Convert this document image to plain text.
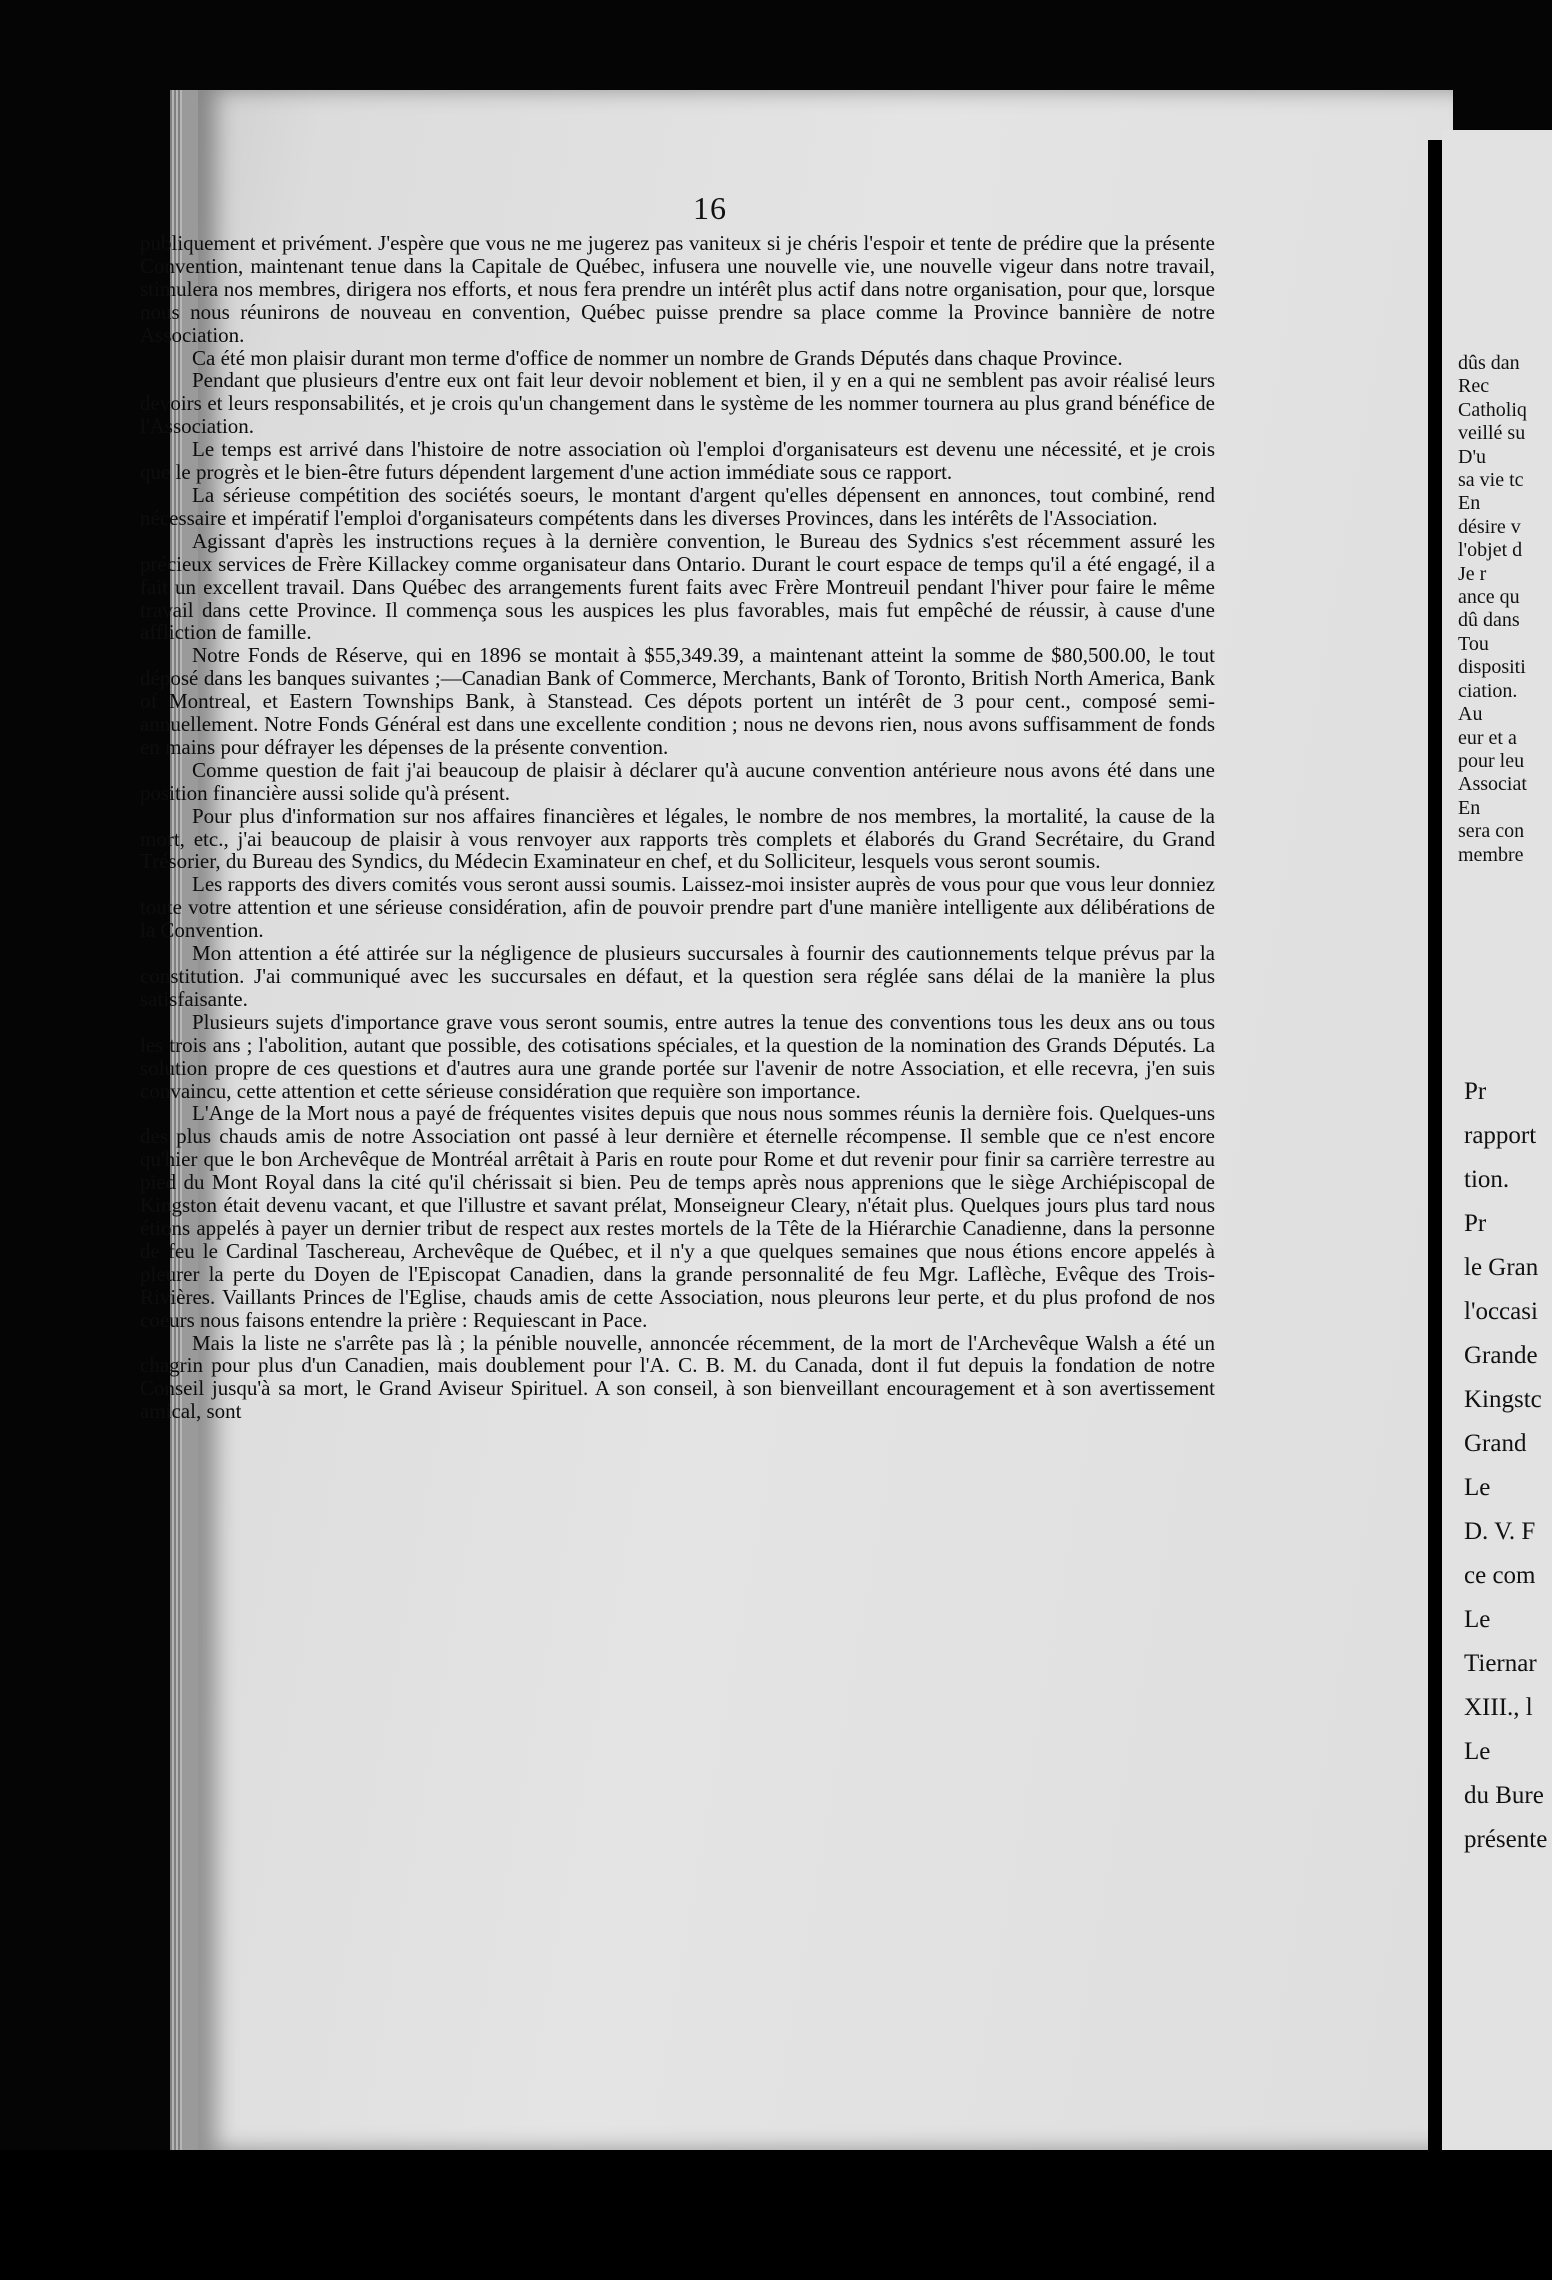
16

publiquement et privément. J'espère que vous ne me jugerez pas vaniteux si je chéris l'espoir et tente de prédire que la présente Convention, maintenant tenue dans la Capitale de Québec, infusera une nouvelle vie, une nouvelle vigeur dans notre travail, stimulera nos membres, dirigera nos efforts, et nous fera prendre un intérêt plus actif dans notre organisation, pour que, lorsque nous nous réunirons de nouveau en convention, Québec puisse prendre sa place comme la Province bannière de notre Association.

Ca été mon plaisir durant mon terme d'office de nommer un nombre de Grands Députés dans chaque Province.

Pendant que plusieurs d'entre eux ont fait leur devoir noblement et bien, il y en a qui ne semblent pas avoir réalisé leurs devoirs et leurs responsabilités, et je crois qu'un changement dans le système de les nommer tournera au plus grand bénéfice de l'Association.

Le temps est arrivé dans l'histoire de notre association où l'emploi d'organisateurs est devenu une nécessité, et je crois que le progrès et le bien-être futurs dépendent largement d'une action immédiate sous ce rapport.

La sérieuse compétition des sociétés soeurs, le montant d'argent qu'elles dépensent en annonces, tout combiné, rend nécessaire et impératif l'emploi d'organisateurs compétents dans les diverses Provinces, dans les intérêts de l'Association.

Agissant d'après les instructions reçues à la dernière convention, le Bureau des Sydnics s'est récemment assuré les précieux services de Frère Killackey comme organisateur dans Ontario. Durant le court espace de temps qu'il a été engagé, il a fait un excellent travail. Dans Québec des arrangements furent faits avec Frère Montreuil pendant l'hiver pour faire le même travail dans cette Province. Il commença sous les auspices les plus favorables, mais fut empêché de réussir, à cause d'une affliction de famille.

Notre Fonds de Réserve, qui en 1896 se montait à $55,349.39, a maintenant atteint la somme de $80,500.00, le tout déposé dans les banques suivantes ;—Canadian Bank of Commerce, Merchants, Bank of Toronto, British North America, Bank of Montreal, et Eastern Townships Bank, à Stanstead. Ces dépots portent un intérêt de 3 pour cent., composé semi-annuellement. Notre Fonds Général est dans une excellente condition ; nous ne devons rien, nous avons suffisamment de fonds en mains pour défrayer les dépenses de la présente convention.

Comme question de fait j'ai beaucoup de plaisir à déclarer qu'à aucune convention antérieure nous avons été dans une position financière aussi solide qu'à présent.

Pour plus d'information sur nos affaires financières et légales, le nombre de nos membres, la mortalité, la cause de la mort, etc., j'ai beaucoup de plaisir à vous renvoyer aux rapports très complets et élaborés du Grand Secrétaire, du Grand Trésorier, du Bureau des Syndics, du Médecin Examinateur en chef, et du Solliciteur, lesquels vous seront soumis.

Les rapports des divers comités vous seront aussi soumis. Laissez-moi insister auprès de vous pour que vous leur donniez toute votre attention et une sérieuse considération, afin de pouvoir prendre part d'une manière intelligente aux délibérations de la Convention.

Mon attention a été attirée sur la négligence de plusieurs succursales à fournir des cautionnements telque prévus par la constitution. J'ai communiqué avec les succursales en défaut, et la question sera réglée sans délai de la manière la plus satisfaisante.

Plusieurs sujets d'importance grave vous seront soumis, entre autres la tenue des conventions tous les deux ans ou tous les trois ans ; l'abolition, autant que possible, des cotisations spéciales, et la question de la nomination des Grands Députés. La solution propre de ces questions et d'autres aura une grande portée sur l'avenir de notre Association, et elle recevra, j'en suis convaincu, cette attention et cette sérieuse considération que requière son importance.

L'Ange de la Mort nous a payé de fréquentes visites depuis que nous nous sommes réunis la dernière fois. Quelques-uns des plus chauds amis de notre Association ont passé à leur dernière et éternelle récompense. Il semble que ce n'est encore qu'hier que le bon Archevêque de Montréal arrêtait à Paris en route pour Rome et dut revenir pour finir sa carrière terrestre au pied du Mont Royal dans la cité qu'il chérissait si bien. Peu de temps après nous apprenions que le siège Archiépiscopal de Kingston était devenu vacant, et que l'illustre et savant prélat, Monseigneur Cleary, n'était plus. Quelques jours plus tard nous étions appelés à payer un dernier tribut de respect aux restes mortels de la Tête de la Hiérarchie Canadienne, dans la personne de feu le Cardinal Taschereau, Archevêque de Québec, et il n'y a que quelques semaines que nous étions encore appelés à pleurer la perte du Doyen de l'Episcopat Canadien, dans la grande personnalité de feu Mgr. Laflèche, Evêque des Trois-Rivières. Vaillants Princes de l'Eglise, chauds amis de cette Association, nous pleurons leur perte, et du plus profond de nos coeurs nous faisons entendre la prière : Requiescant in Pace.

Mais la liste ne s'arrête pas là ; la pénible nouvelle, annoncée récemment, de la mort de l'Archevêque Walsh a été un chagrin pour plus d'un Canadien, mais doublement pour l'A. C. B. M. du Canada, dont il fut depuis la fondation de notre Conseil jusqu'à sa mort, le Grand Aviseur Spirituel. A son conseil, à son bienveillant encouragement et à son avertissement amical, sont

dûs dan
Rec
Catholiq
veillé su
D'u
sa vie tc
En
désire v
l'objet d
Je r
ance qu
dû dans
Tou
dispositi
ciation.
Au
eur et a
pour leu
Associat
En
sera con
membre
Pr
rapport
tion.
Pr
le Gran
l'occasi
Grande
Kingstc
Grand
Le
D. V. F
ce com
Le
Tiernar
XIII., l
Le
du Bure
présente
